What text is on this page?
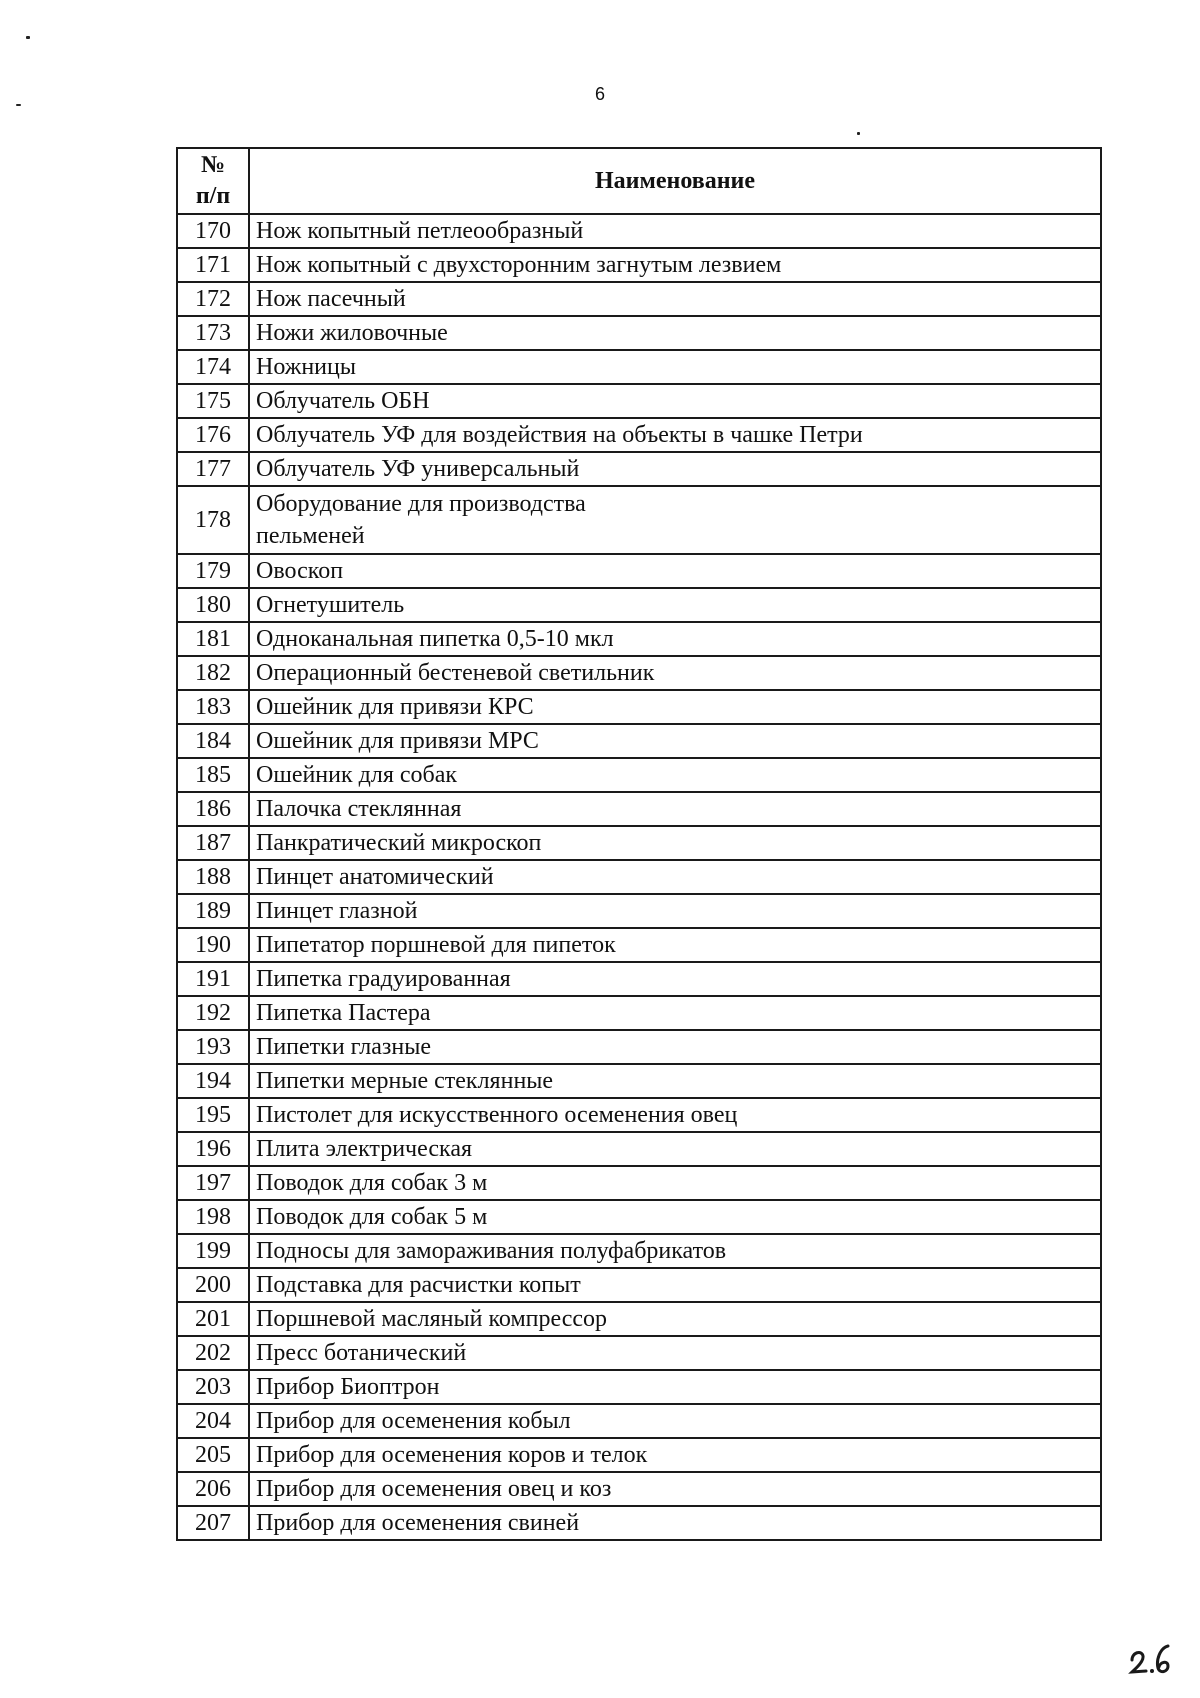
6
№
п/п	Наименование
170	Нож копытный петлеообразный
171	Нож копытный с двухсторонним загнутым лезвием
172	Нож пасечный
173	Ножи жиловочные
174	Ножницы
175	Облучатель ОБН
176	Облучатель УФ для воздействия на объекты в чашке Петри
177	Облучатель УФ универсальный
178	Оборудование для производства
пельменей
179	Овоскоп
180	Огнетушитель
181	Одноканальная пипетка 0,5-10 мкл
182	Операционный бестеневой светильник
183	Ошейник для привязи КРС
184	Ошейник для привязи МРС
185	Ошейник для собак
186	Палочка стеклянная
187	Панкратический микроскоп
188	Пинцет анатомический
189	Пинцет глазной
190	Пипетатор поршневой для пипеток
191	Пипетка градуированная
192	Пипетка Пастера
193	Пипетки глазные
194	Пипетки мерные стеклянные
195	Пистолет для искусственного осеменения овец
196	Плита электрическая
197	Поводок для собак 3 м
198	Поводок для собак 5 м
199	Подносы для замораживания полуфабрикатов
200	Подставка для расчистки копыт
201	Поршневой масляный компрессор
202	Пресс ботанический
203	Прибор Биоптрон
204	Прибор для осеменения кобыл
205	Прибор для осеменения коров и телок
206	Прибор для осеменения овец и коз
207	Прибор для осеменения свиней
